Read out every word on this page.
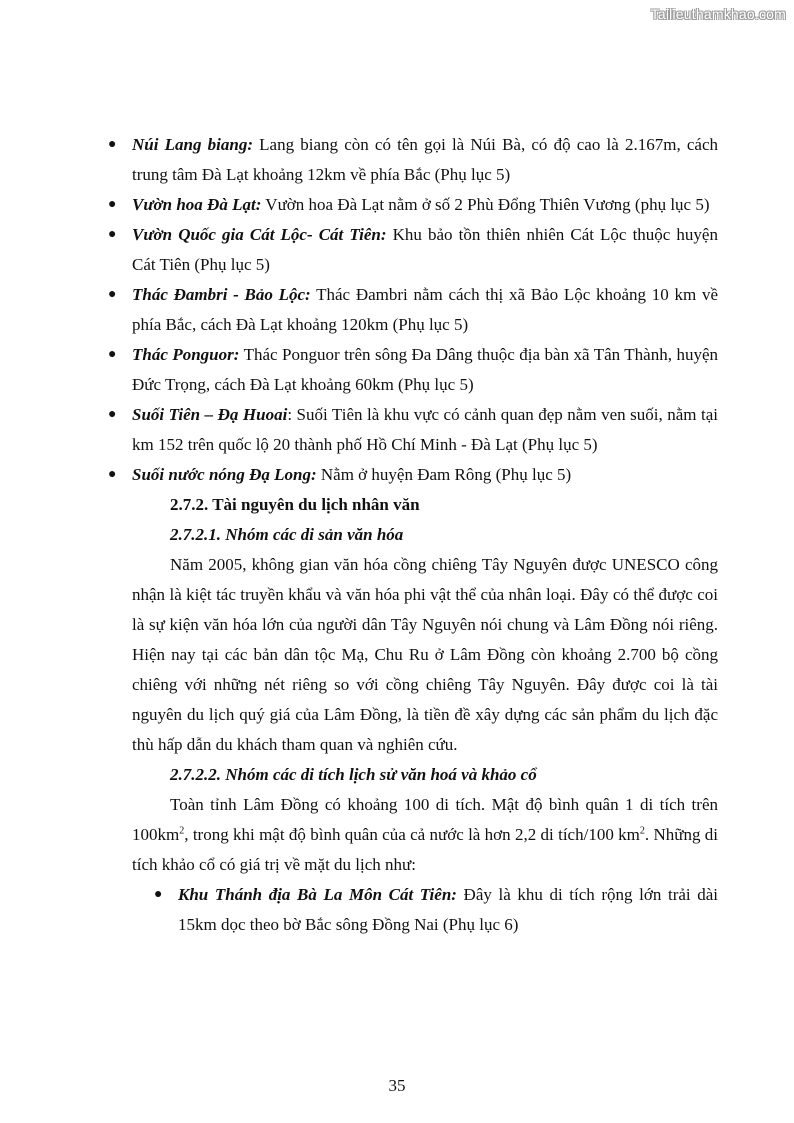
Tailieuthamkhao.com
● Núi Lang biang: Lang biang còn có tên gọi là Núi Bà, có độ cao là 2.167m, cách trung tâm Đà Lạt khoảng 12km về phía Bắc (Phụ lục 5)
● Vườn hoa Đà Lạt: Vườn hoa Đà Lạt nằm ở số 2 Phù Đổng Thiên Vương (phụ lục 5)
● Vườn Quốc gia Cát Lộc- Cát Tiên: Khu bảo tồn thiên nhiên Cát Lộc thuộc huyện Cát Tiên (Phụ lục 5)
● Thác Đambri - Bảo Lộc: Thác Đambri nằm cách thị xã Bảo Lộc khoảng 10 km về phía Bắc, cách Đà Lạt khoảng 120km (Phụ lục 5)
● Thác Ponguor: Thác Ponguor trên sông Đa Dâng thuộc địa bàn xã Tân Thành, huyện Đức Trọng, cách Đà Lạt khoảng 60km (Phụ lục 5)
● Suối Tiên – Đạ Huoai: Suối Tiên là khu vực có cảnh quan đẹp nằm ven suối, nằm tại km 152 trên quốc lộ 20 thành phố Hồ Chí Minh - Đà Lạt (Phụ lục 5)
● Suối nước nóng Đạ Long: Nằm ở huyện Đam Rông (Phụ lục 5)
2.7.2. Tài nguyên du lịch nhân văn
2.7.2.1. Nhóm các di sản văn hóa

Năm 2005, không gian văn hóa cồng chiêng Tây Nguyên được UNESCO công nhận là kiệt tác truyền khẩu và văn hóa phi vật thể của nhân loại. Đây có thể được coi là sự kiện văn hóa lớn của người dân Tây Nguyên nói chung và Lâm Đồng nói riêng. Hiện nay tại các bản dân tộc Mạ, Chu Ru ở Lâm Đồng còn khoảng 2.700 bộ cồng chiêng với những nét riêng so với cồng chiêng Tây Nguyên. Đây được coi là tài nguyên du lịch quý giá của Lâm Đồng, là tiền đề xây dựng các sản phẩm du lịch đặc thù hấp dẫn du khách tham quan và nghiên cứu.

2.7.2.2. Nhóm các di tích lịch sử văn hoá và khảo cổ

Toàn tỉnh Lâm Đồng có khoảng 100 di tích. Mật độ bình quân 1 di tích trên $100km^2$, trong khi mật độ bình quân của cả nước là hơn 2,2 di tích/100 $km^2$. Những di tích khảo cổ có giá trị về mặt du lịch như:

● Khu Thánh địa Bà La Môn Cát Tiên: Đây là khu di tích rộng lớn trải dài 15km dọc theo bờ Bắc sông Đồng Nai (Phụ lục 6)
35
